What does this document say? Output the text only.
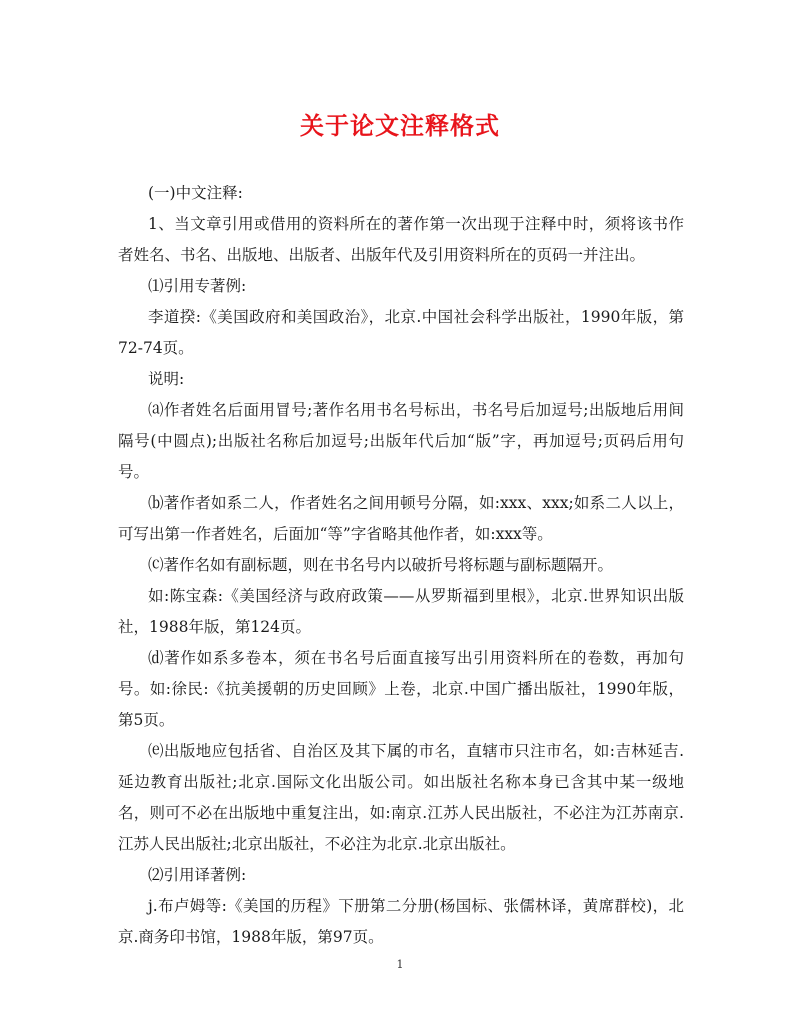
关于论文注释格式

(一)中文注释:

1、当文章引用或借用的资料所在的著作第一次出现于注释中时，须将该书作者姓名、书名、出版地、出版者、出版年代及引用资料所在的页码一并注出。

⑴引用专著例:

李道揆:《美国政府和美国政治》，北京.中国社会科学出版社，1990年版，第72-74页。

说明:

⒜作者姓名后面用冒号;著作名用书名号标出，书名号后加逗号;出版地后用间隔号(中圆点);出版社名称后加逗号;出版年代后加“版”字，再加逗号;页码后用句号。

⒝著作者如系二人，作者姓名之间用顿号分隔，如:xxx、xxx;如系二人以上，可写出第一作者姓名，后面加“等”字省略其他作者，如:xxx等。

⒞著作名如有副标题，则在书名号内以破折号将标题与副标题隔开。

如:陈宝森:《美国经济与政府政策——从罗斯福到里根》，北京.世界知识出版社，1988年版，第124页。

⒟著作如系多卷本，须在书名号后面直接写出引用资料所在的卷数，再加句号。如:徐民:《抗美援朝的历史回顾》上卷，北京.中国广播出版社，1990年版，第5页。

⒠出版地应包括省、自治区及其下属的市名，直辖市只注市名，如:吉林延吉.延边教育出版社;北京.国际文化出版公司。如出版社名称本身已含其中某一级地名，则可不必在出版地中重复注出，如:南京.江苏人民出版社，不必注为江苏南京.江苏人民出版社;北京出版社，不必注为北京.北京出版社。

⑵引用译著例:

j.布卢姆等:《美国的历程》下册第二分册(杨国标、张儒林译，黄席群校)，北京.商务印书馆，1988年版，第97页。

1
